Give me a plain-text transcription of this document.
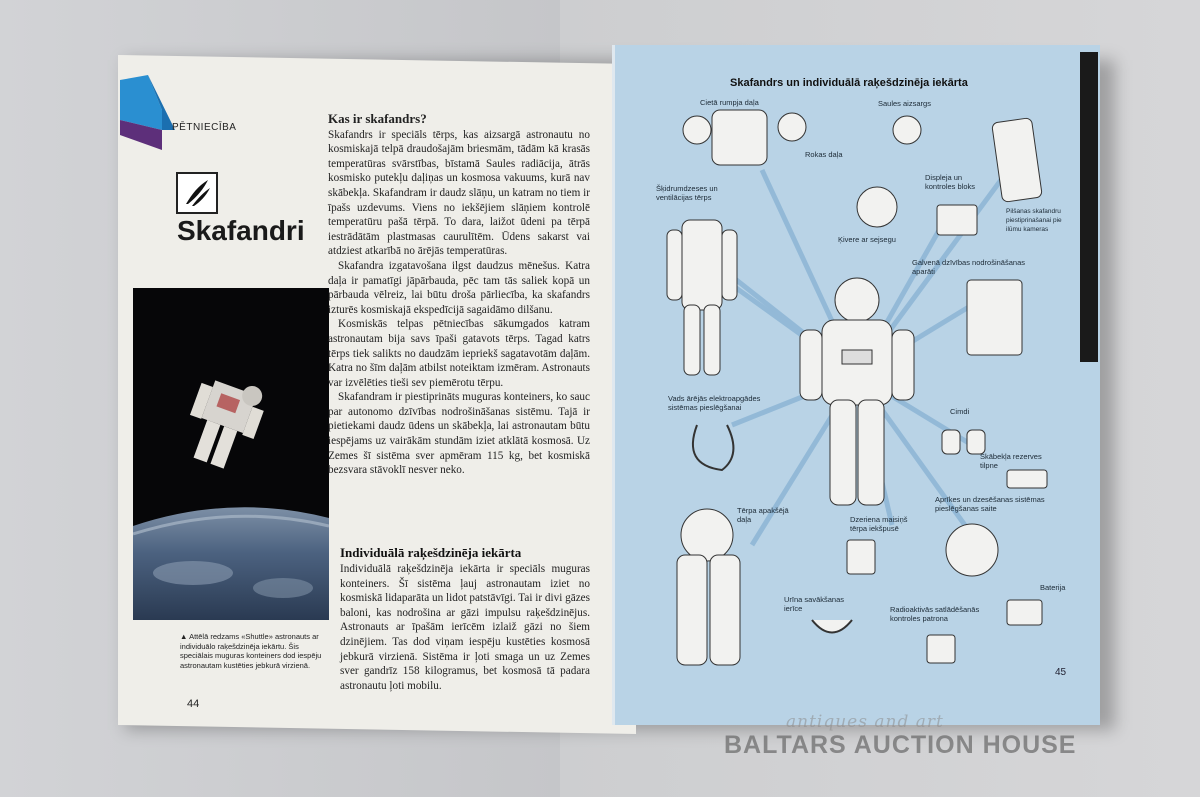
PĒTNIECĪBA
Skafandri
▲ Attēlā redzams «Shuttle» astronauts ar individuālo raķešdzinēja iekārtu. Šis speciālais muguras konteiners dod iespēju astronautam kustēties jebkurā virzienā.
44
Kas ir skafandrs?

Skafandrs ir speciāls tērps, kas aizsargā astronautu no kosmiskajā telpā draudošajām briesmām, tādām kā krasās temperatūras svārstības, bīstamā Saules radiācija, ātrās kosmisko putekļu daļiņas un kosmosa vakuums, kurā nav skābekļa. Skafandram ir daudz slāņu, un katram no tiem ir īpašs uzdevums. Viens no iekšējiem slāņiem kontrolē temperatūru pašā tērpā. To dara, laižot ūdeni pa tērpā iestrādātām plastmasas caurulītēm. Ūdens sakarst vai atdziest atkarībā no ārējās temperatūras.

Skafandra izgatavošana ilgst daudzus mēnešus. Katra daļa ir pamatīgi jāpārbauda, pēc tam tās saliek kopā un pārbauda vēlreiz, lai būtu droša pārliecība, ka skafandrs izturēs kosmiskajā ekspedīcijā sagaidāmo dilšanu.

Kosmiskās telpas pētniecības sākumgados katram astronautam bija savs īpaši gatavots tērps. Tagad katrs tērps tiek salikts no daudzām iepriekš sagatavotām daļām. Katra no šīm daļām atbilst noteiktam izmēram. Astronauts var izvēlēties tieši sev piemērotu tērpu.

Skafandram ir piestiprināts muguras konteiners, ko sauc par autonomo dzīvības nodrošināšanas sistēmu. Tajā ir pietiekami daudz ūdens un skābekļa, lai astronautam būtu iespējams uz vairākām stundām iziet atklātā kosmosā. Uz Zemes šī sistēma sver apmēram 115 kg, bet kosmiskā bezsvara stāvoklī nesver neko.

Individuālā raķešdzinēja iekārta
Individuālā raķešdzinēja iekārta ir speciāls muguras konteiners. Šī sistēma ļauj astronautam iziet no kosmiskā lidaparāta un lidot patstāvīgi. Tai ir divi gāzes baloni, kas nodrošina ar gāzi impulsu raķešdzinējus. Astronauts ar īpašām ierīcēm izlaiž gāzi no šiem dzinējiem. Tas dod viņam iespēju kustēties kosmosā jebkurā virzienā. Sistēma ir ļoti smaga un uz Zemes sver gandrīz 158 kilogramus, bet kosmosā tā padara astronautu ļoti mobilu.
Skafandrs un individuālā raķešdzinēja iekārta
Cietā rumpja daļa	Saules aizsargs
Rokas daļa
Šķidrumdzeses un ventilācijas tērps
Displeja un kontroles bloks
Pilšanas skafandru piestiprinašanai pie ilūmu kameras
Ķivere ar sejsegu
Galvenā dzīvības nodrošināšanas aparāti
Vads ārējās elektroapgādes sistēmas pieslēgšanai	Cimdi
Skābekļa rezerves tilpne
Tērpa apakšējā daļa	Dzeriena maisiņš tērpa iekšpusē
Aprīkes un dzesēšanas sistēmas pieslēgšanas saite
Urīna savākšanas ierīce	Radioaktivās satlādēšanās kontroles patrona
Baterija
45
antiques and art
BALTARS AUCTION HOUSE
